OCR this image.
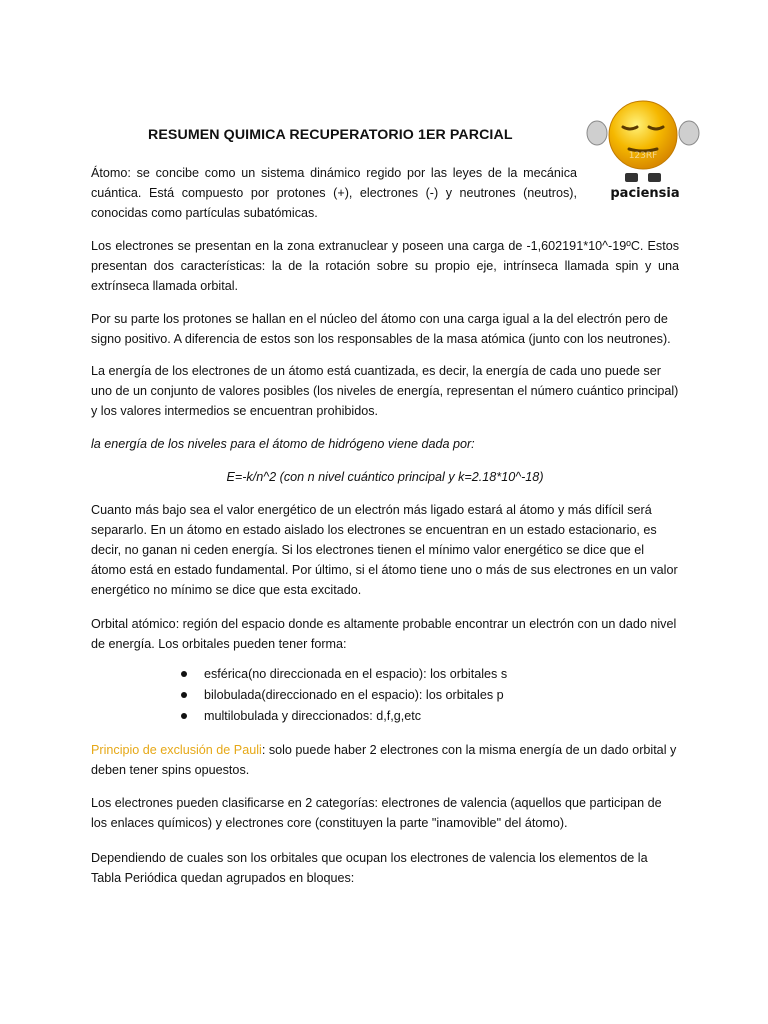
RESUMEN QUIMICA RECUPERATORIO 1ER PARCIAL
123RF
paciensia

Átomo: se concibe como un sistema dinámico regido por las leyes de la mecánica cuántica. Está compuesto por protones (+), electrones (-) y neutrones (neutros), conocidas como partículas subatómicas.

Los electrones se presentan en la zona extranuclear y poseen una carga de -1,602191*10^-19ºC. Estos presentan dos características: la de la rotación sobre su propio eje, intrínseca llamada spin y una extrínseca llamada orbital.

Por su parte los protones se hallan en el núcleo del átomo con una carga igual a la del electrón pero de signo positivo. A diferencia de estos son los responsables de la masa atómica (junto con los neutrones).

La energía de los electrones de un átomo está cuantizada, es decir, la energía de cada uno puede ser uno de un conjunto de valores posibles (los niveles de energía, representan el número cuántico principal) y los valores intermedios se encuentran prohibidos.

la energía de los niveles para el átomo de hidrógeno viene dada por:

E=-k/n^2 (con n nivel cuántico principal y k=2.18*10^-18)

Cuanto más bajo sea el valor energético de un electrón más ligado estará al átomo y más difícil será separarlo. En un átomo en estado aislado los electrones se encuentran en un estado estacionario, es decir, no ganan ni ceden energía. Si los electrones tienen el mínimo valor energético se dice que el átomo está en estado fundamental. Por último, si el átomo tiene uno o más de sus electrones en un valor energético no mínimo se dice que esta excitado.

Orbital atómico: región del espacio donde es altamente probable encontrar un electrón con un dado nivel de energía. Los orbitales pueden tener forma:

esférica(no direccionada en el espacio): los orbitales s
bilobulada(direccionado en el espacio): los orbitales p
multilobulada y direccionados: d,f,g,etc

Principio de exclusión de Pauli: solo puede haber 2 electrones con la misma energía de un dado orbital y deben tener spins opuestos.

Los electrones pueden clasificarse en 2 categorías: electrones de valencia (aquellos que participan de los enlaces químicos) y electrones core (constituyen la parte "inamovible" del átomo).

Dependiendo de cuales son los orbitales que ocupan los electrones de valencia los elementos de la Tabla Periódica quedan agrupados en bloques:
